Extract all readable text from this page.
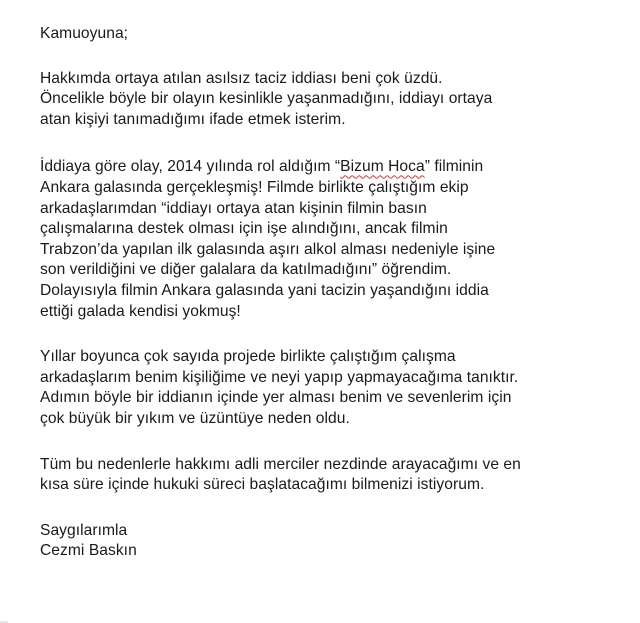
Kamuoyuna;

Hakkımda ortaya atılan asılsız taciz iddiası beni çok üzdü.
Öncelikle böyle bir olayın kesinlikle yaşanmadığını, iddiayı ortaya
atan kişiyi tanımadığımı ifade etmek isterim.

İddiaya göre olay, 2014 yılında rol aldığım “Bizum Hoca” filminin
Ankara galasında gerçekleşmiş! Filmde birlikte çalıştığım ekip
arkadaşlarımdan “iddiayı ortaya atan kişinin filmin basın
çalışmalarına destek olması için işe alındığını, ancak filmin
Trabzon’da yapılan ilk galasında aşırı alkol alması nedeniyle işine
son verildiğini ve diğer galalara da katılmadığını” öğrendim.
Dolayısıyla filmin Ankara galasında yani tacizin yaşandığını iddia
ettiği galada kendisi yokmuş!

Yıllar boyunca çok sayıda projede birlikte çalıştığım çalışma
arkadaşlarım benim kişiliğime ve neyi yapıp yapmayacağıma tanıktır.
Adımın böyle bir iddianın içinde yer alması benim ve sevenlerim için
çok büyük bir yıkım ve üzüntüye neden oldu.

Tüm bu nedenlerle hakkımı adli merciler nezdinde arayacağımı ve en
kısa süre içinde hukuki süreci başlatacağımı bilmenizi istiyorum.

Saygılarımla
Cezmi Baskın
